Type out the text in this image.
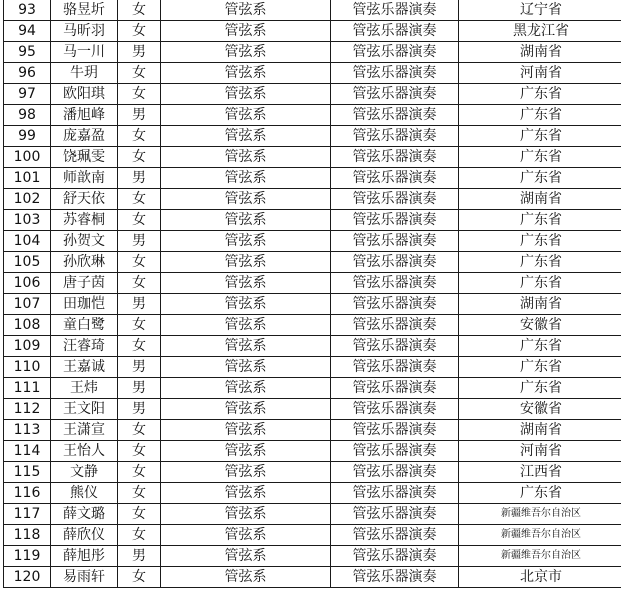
93	骆昱圻	女	管弦系	管弦乐器演奏	辽宁省
94	马昕羽	女	管弦系	管弦乐器演奏	黑龙江省
95	马一川	男	管弦系	管弦乐器演奏	湖南省
96	牛玥	女	管弦系	管弦乐器演奏	河南省
97	欧阳琪	女	管弦系	管弦乐器演奏	广东省
98	潘旭峰	男	管弦系	管弦乐器演奏	广东省
99	庞嘉盈	女	管弦系	管弦乐器演奏	广东省
100	饶珮雯	女	管弦系	管弦乐器演奏	广东省
101	师歆南	男	管弦系	管弦乐器演奏	广东省
102	舒天依	女	管弦系	管弦乐器演奏	湖南省
103	苏睿桐	女	管弦系	管弦乐器演奏	广东省
104	孙贺文	男	管弦系	管弦乐器演奏	广东省
105	孙欣琳	女	管弦系	管弦乐器演奏	广东省
106	唐子茵	女	管弦系	管弦乐器演奏	广东省
107	田珈恺	男	管弦系	管弦乐器演奏	湖南省
108	童白鹭	女	管弦系	管弦乐器演奏	安徽省
109	汪睿琦	女	管弦系	管弦乐器演奏	广东省
110	王嘉诚	男	管弦系	管弦乐器演奏	广东省
111	王炜	男	管弦系	管弦乐器演奏	广东省
112	王文阳	男	管弦系	管弦乐器演奏	安徽省
113	王潇宣	女	管弦系	管弦乐器演奏	湖南省
114	王怡人	女	管弦系	管弦乐器演奏	河南省
115	文静	女	管弦系	管弦乐器演奏	江西省
116	熊仪	女	管弦系	管弦乐器演奏	广东省
117	薛文璐	女	管弦系	管弦乐器演奏	新疆维吾尔自治区
118	薛欣仪	女	管弦系	管弦乐器演奏	新疆维吾尔自治区
119	薛旭彤	男	管弦系	管弦乐器演奏	新疆维吾尔自治区
120	易雨轩	女	管弦系	管弦乐器演奏	北京市
